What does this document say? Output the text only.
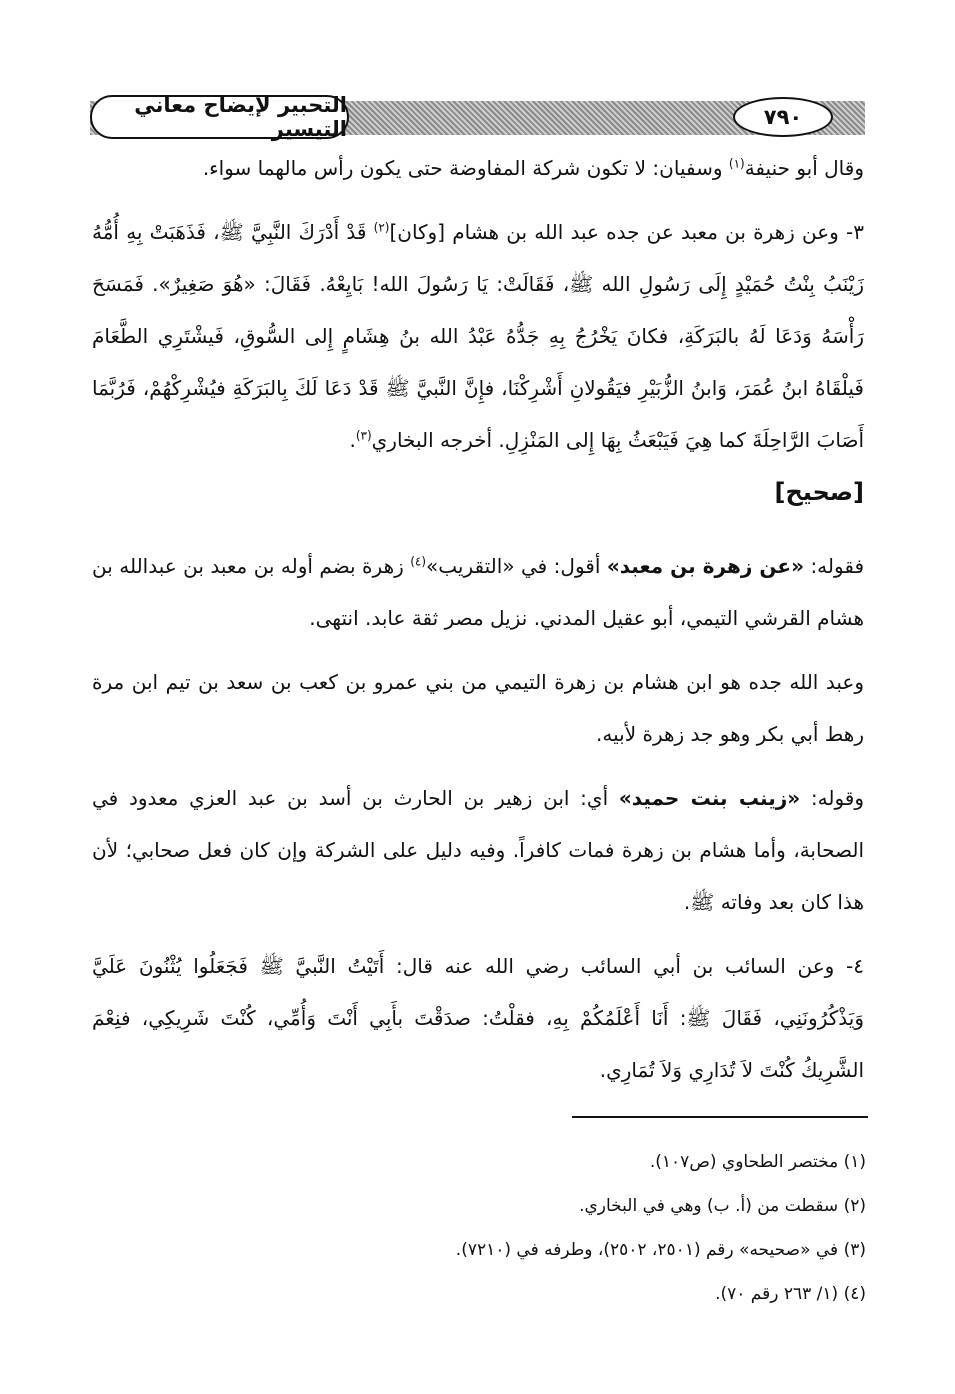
التحبير لإيضاح معاني التيسير	٧٩٠

وقال أبو حنيفة$^{(١)}$ وسفيان: لا تكون شركة المفاوضة حتى يكون رأس مالهما سواء.

٣- وعن زهرة بن معبد عن جده عبد الله بن هشام [وكان]$^{(٢)}$ قَدْ أَدْرَكَ النَّبِيَّ ﷺ، فَذَهَبَتْ بِهِ أُمُّهُ زَيْنَبُ بِنْتُ حُمَيْدٍ إِلَى رَسُولِ الله ﷺ، فَقَالَتْ: يَا رَسُولَ الله! بَايِعْهُ. فَقَالَ: «هُوَ صَغِيرٌ». فَمَسَحَ رَأْسَهُ وَدَعَا لَهُ بالبَرَكَةِ، فكانَ يَخْرُجُ بِهِ جَدُّهُ عَبْدُ الله بنُ هِشَامٍ إِلى السُّوقِ، فَيشْتَرِي الطَّعَامَ فَيلْقَاهُ ابنُ عُمَرَ، وَابنُ الزُّبَيْرِ فيَقُولانِ أَشْرِكْنَا، فإِنَّ النَّبيَّ ﷺ قَدْ دَعَا لَكَ بِالبَرَكَةِ فيُشْرِكْهُمْ، فَرُبَّمَا أَصَابَ الرَّاحِلَةَ كما هِيَ فَيَبْعَثُ بِهَا إِلى المَنْزِلِ. أخرجه البخاري$^{(٣)}$.

[صحيح]

فقوله: «عن زهرة بن معبد» أقول: في «التقريب»$^{(٤)}$ زهرة بضم أوله بن معبد بن عبدالله بن هشام القرشي التيمي، أبو عقيل المدني. نزيل مصر ثقة عابد. انتهى.

وعبد الله جده هو ابن هشام بن زهرة التيمي من بني عمرو بن كعب بن سعد بن تيم ابن مرة رهط أبي بكر وهو جد زهرة لأبيه.

وقوله: «زينب بنت حميد» أي: ابن زهير بن الحارث بن أسد بن عبد العزي معدود في الصحابة، وأما هشام بن زهرة فمات كافراً. وفيه دليل على الشركة وإن كان فعل صحابي؛ لأن هذا كان بعد وفاته ﷺ.

٤- وعن السائب بن أبي السائب رضي الله عنه قال: أَتَيْتُ النَّبيَّ ﷺ فَجَعَلُوا يُثْنُونَ عَلَيَّ وَيَذْكُرُونَنِي، فَقَالَ ﷺ: أَنَا أَعْلَمُكُمْ بِهِ، فقلْتُ: صدَقْتَ بأَبِي أَنْتَ وَأُمِّي، كُنْتَ شَرِيكِي، فنِعْمَ الشَّرِيكُ كُنْتَ لاَ تُدَارِي وَلاَ تُمَارِي.

(١) مختصر الطحاوي (ص١٠٧).

(٢) سقطت من (أ. ب) وهي في البخاري.

(٣) في «صحيحه» رقم (٢٥٠١، ٢٥٠٢)، وطرفه في (٧٢١٠).

(٤) (١/ ٢٦٣ رقم ٧٠).
